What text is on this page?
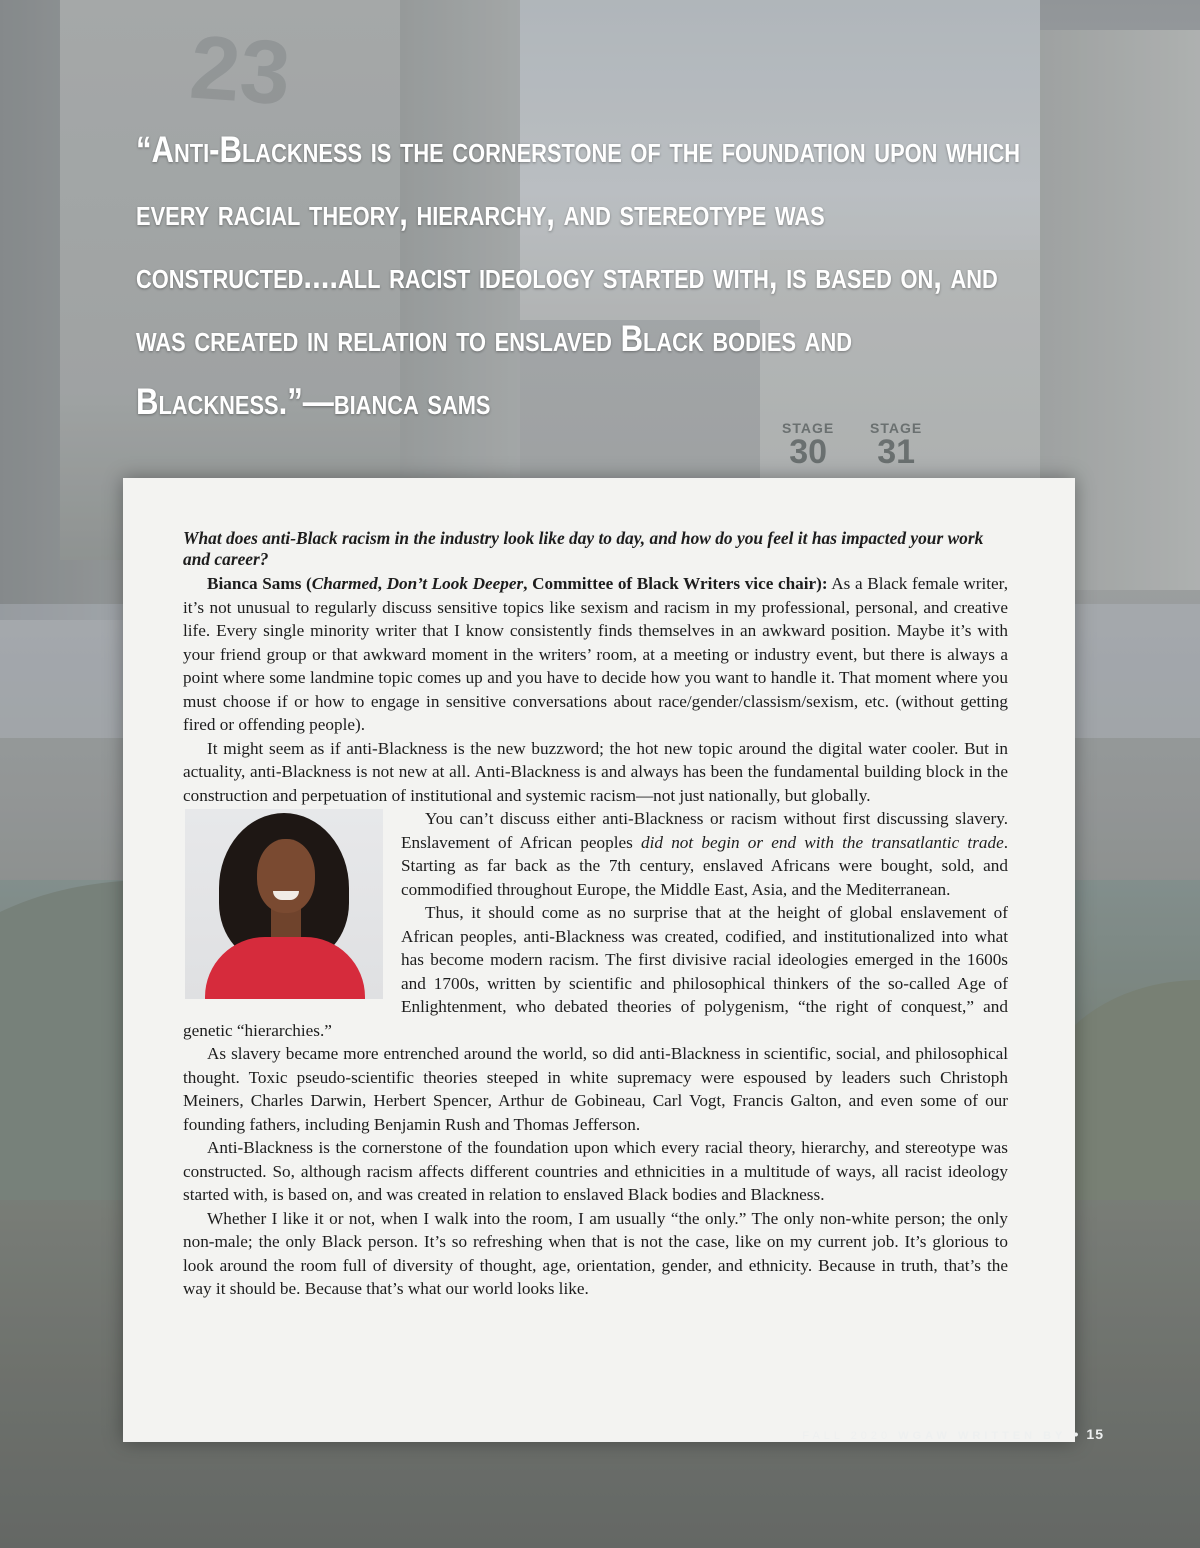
23
STAGE
30
STAGE
31

“Anti-Blackness is the cornerstone of the foundation upon which every racial theory, hierarchy, and stereotype was constructed....all racist ideology started with, is based on, and was created in relation to enslaved Black bodies and Blackness.”—bianca sams

What does anti-Black racism in the industry look like day to day, and how do you feel it has impacted your work and career?

Bianca Sams (Charmed, Don’t Look Deeper, Committee of Black Writers vice chair): As a Black female writer, it’s not unusual to regularly discuss sensitive topics like sexism and racism in my professional, personal, and creative life. Every single minority writer that I know consistently finds themselves in an awkward position. Maybe it’s with your friend group or that awkward moment in the writers’ room, at a meeting or industry event, but there is always a point where some landmine topic comes up and you have to decide how you want to handle it. That moment where you must choose if or how to engage in sensitive conversations about race/gender/classism/sexism, etc. (without getting fired or offending people).

It might seem as if anti-Blackness is the new buzzword; the hot new topic around the digital water cooler. But in actuality, anti-Blackness is not new at all. Anti-Blackness is and always has been the fundamental building block in the construction and perpetuation of institutional and systemic racism—not just nationally, but globally.

You can’t discuss either anti-Blackness or racism without first discussing slavery. Enslavement of African peoples did not begin or end with the transatlantic trade. Starting as far back as the 7th century, enslaved Africans were bought, sold, and commodified throughout Europe, the Middle East, Asia, and the Mediterranean.

Thus, it should come as no surprise that at the height of global enslavement of African peoples, anti-Blackness was created, codified, and institutionalized into what has become modern racism. The first divisive racial ideologies emerged in the 1600s and 1700s, written by scientific and philosophical thinkers of the so-called Age of Enlightenment, who debated theories of polygenism, “the right of conquest,” and genetic “hierarchies.”

As slavery became more entrenched around the world, so did anti-Blackness in scientific, social, and philosophical thought. Toxic pseudo-scientific theories steeped in white supremacy were espoused by leaders such Christoph Meiners, Charles Darwin, Herbert Spencer, Arthur de Gobineau, Carl Vogt, Francis Galton, and even some of our founding fathers, including Benjamin Rush and Thomas Jefferson.

Anti-Blackness is the cornerstone of the foundation upon which every racial theory, hierarchy, and stereotype was constructed. So, although racism affects different countries and ethnicities in a multitude of ways, all racist ideology started with, is based on, and was created in relation to enslaved Black bodies and Blackness.

Whether I like it or not, when I walk into the room, I am usually “the only.” The only non-white person; the only non-male; the only Black person. It’s so refreshing when that is not the case, like on my current job. It’s glorious to look around the room full of diversity of thought, age, orientation, gender, and ethnicity. Because in truth, that’s the way it should be. Because that’s what our world looks like.

FALL 2020 WGAW WRITTEN BY • 15
